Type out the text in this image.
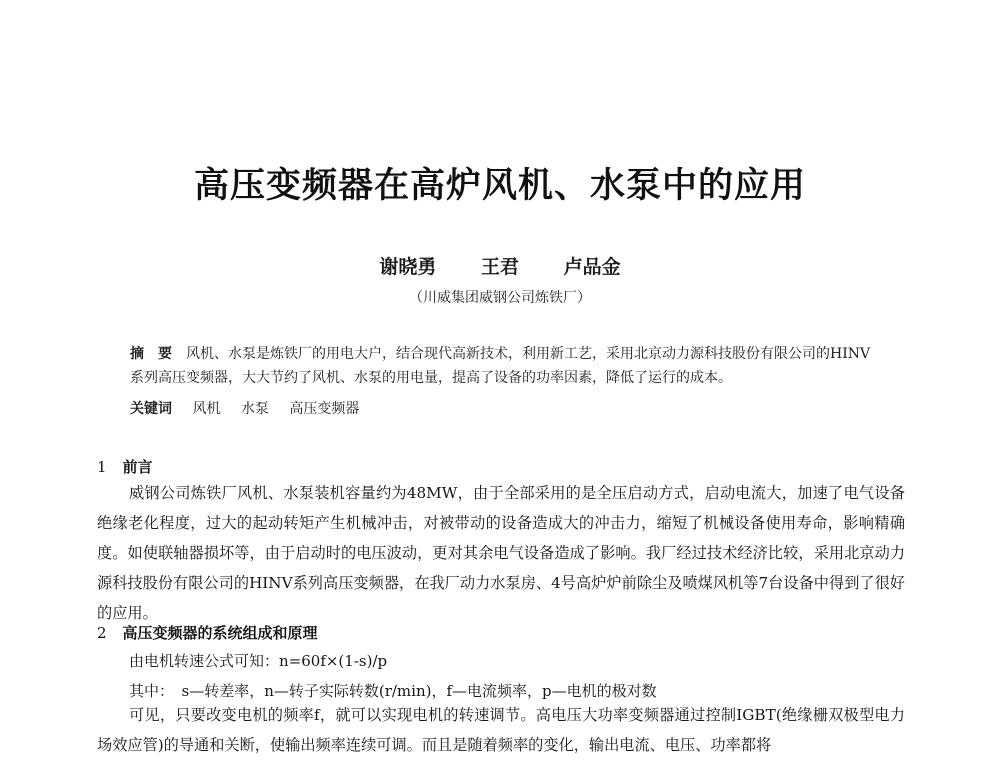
高压变频器在高炉风机、水泵中的应用
谢晓勇 王君 卢品金
（川威集团威钢公司炼铁厂）
摘　要 风机、水泵是炼铁厂的用电大户，结合现代高新技术，利用新工艺，采用北京动力源科技股份有限公司的HINV系列高压变频器，大大节约了风机、水泵的用电量，提高了设备的功率因素，降低了运行的成本。
关键词 风机 水泵 高压变频器
1 前言
威钢公司炼铁厂风机、水泵装机容量约为48MW，由于全部采用的是全压启动方式，启动电流大，加速了电气设备绝缘老化程度，过大的起动转矩产生机械冲击，对被带动的设备造成大的冲击力，缩短了机械设备使用寿命，影响精确度。如使联轴器损坏等，由于启动时的电压波动，更对其余电气设备造成了影响。我厂经过技术经济比较，采用北京动力源科技股份有限公司的HINV系列高压变频器，在我厂动力水泵房、4号高炉炉前除尘及喷煤风机等7台设备中得到了很好的应用。
2 高压变频器的系统组成和原理
由电机转速公式可知：n=60f×(1-s)/p
其中：　s—转差率，n—转子实际转数(r/min)，f—电流频率，p—电机的极对数
可见，只要改变电机的频率f，就可以实现电机的转速调节。高电压大功率变频器通过控制IGBT(绝缘栅双极型电力场效应管)的导通和关断，使输出频率连续可调。而且是随着频率的变化，输出电流、电压、功率都将
